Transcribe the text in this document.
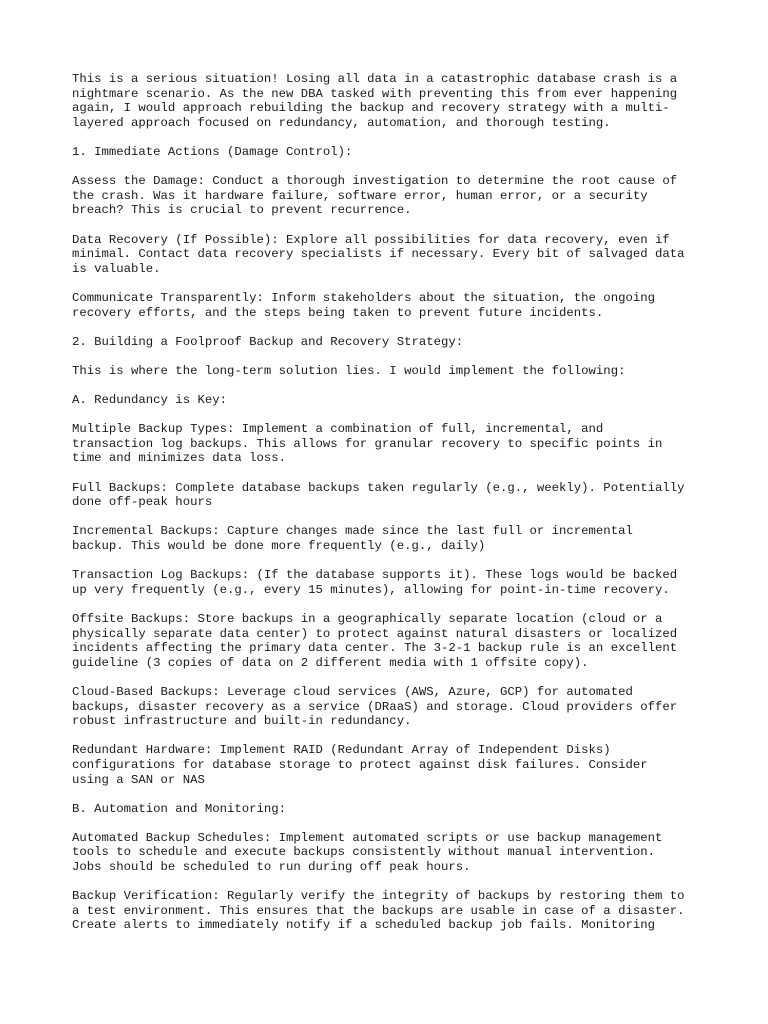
This is a serious situation! Losing all data in a catastrophic database crash is a
nightmare scenario. As the new DBA tasked with preventing this from ever happening
again, I would approach rebuilding the backup and recovery strategy with a multi-
layered approach focused on redundancy, automation, and thorough testing.
1. Immediate Actions (Damage Control):
Assess the Damage: Conduct a thorough investigation to determine the root cause of
the crash. Was it hardware failure, software error, human error, or a security
breach? This is crucial to prevent recurrence.
Data Recovery (If Possible): Explore all possibilities for data recovery, even if
minimal. Contact data recovery specialists if necessary. Every bit of salvaged data
is valuable.
Communicate Transparently: Inform stakeholders about the situation, the ongoing
recovery efforts, and the steps being taken to prevent future incidents.
2. Building a Foolproof Backup and Recovery Strategy:
This is where the long-term solution lies. I would implement the following:
A. Redundancy is Key:
Multiple Backup Types: Implement a combination of full, incremental, and
transaction log backups. This allows for granular recovery to specific points in
time and minimizes data loss.
Full Backups: Complete database backups taken regularly (e.g., weekly). Potentially
done off-peak hours
Incremental Backups: Capture changes made since the last full or incremental
backup. This would be done more frequently (e.g., daily)
Transaction Log Backups: (If the database supports it). These logs would be backed
up very frequently (e.g., every 15 minutes), allowing for point-in-time recovery.
Offsite Backups: Store backups in a geographically separate location (cloud or a
physically separate data center) to protect against natural disasters or localized
incidents affecting the primary data center. The 3-2-1 backup rule is an excellent
guideline (3 copies of data on 2 different media with 1 offsite copy).
Cloud-Based Backups: Leverage cloud services (AWS, Azure, GCP) for automated
backups, disaster recovery as a service (DRaaS) and storage. Cloud providers offer
robust infrastructure and built-in redundancy.
Redundant Hardware: Implement RAID (Redundant Array of Independent Disks)
configurations for database storage to protect against disk failures. Consider
using a SAN or NAS
B. Automation and Monitoring:
Automated Backup Schedules: Implement automated scripts or use backup management
tools to schedule and execute backups consistently without manual intervention.
Jobs should be scheduled to run during off peak hours.
Backup Verification: Regularly verify the integrity of backups by restoring them to
a test environment. This ensures that the backups are usable in case of a disaster.
Create alerts to immediately notify if a scheduled backup job fails. Monitoring
